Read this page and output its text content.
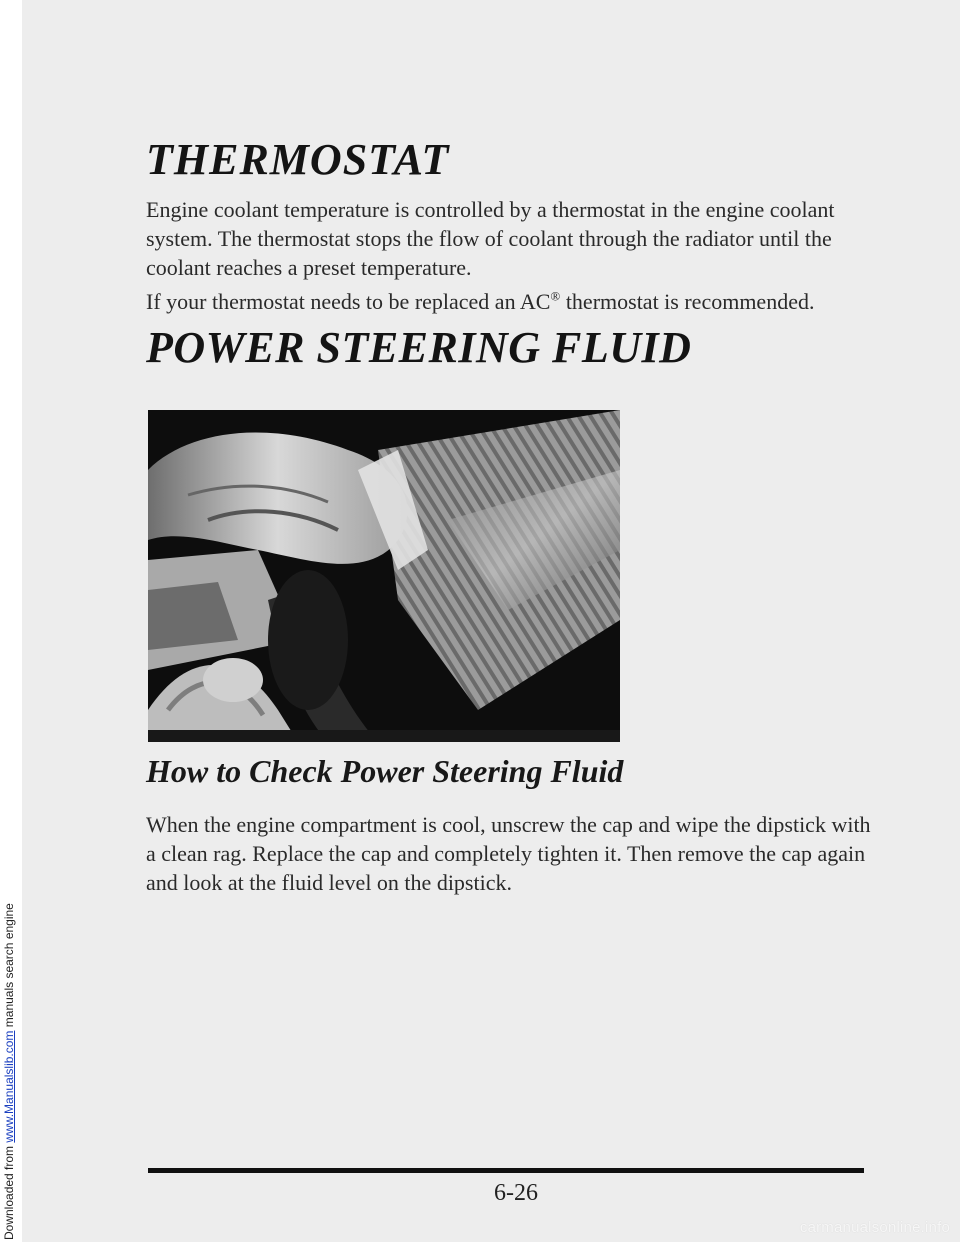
Downloaded from www.Manualslib.com manuals search engine
THERMOSTAT

Engine coolant temperature is controlled by a thermostat in the engine coolant system. The thermostat stops the flow of coolant through the radiator until the coolant reaches a preset temperature.

If your thermostat needs to be replaced an AC® thermostat is recommended.

POWER STEERING FLUID
How to Check Power Steering Fluid

When the engine compartment is cool, unscrew the cap and wipe the dipstick with a clean rag. Replace the cap and completely tighten it. Then remove the cap again and look at the fluid level on the dipstick.

6-26
carmanualsonline.info
